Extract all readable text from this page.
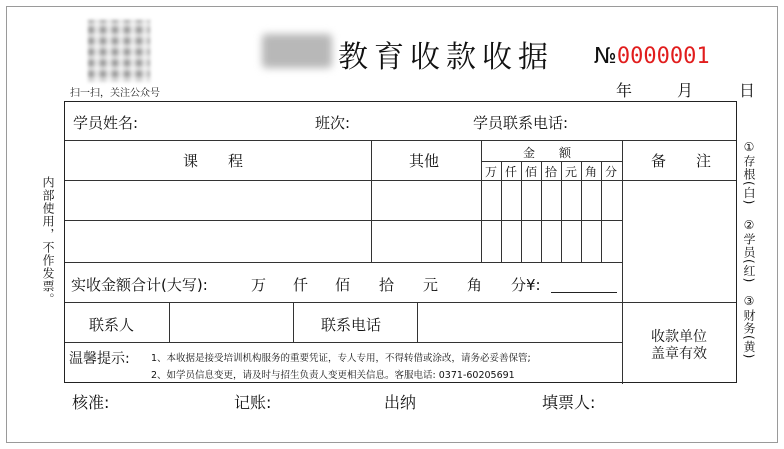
扫一扫，关注公众号
教育收款收据 №0000001
年	月	日
内部使用，不作发票。
①存根(白)
②学员(红)
③财务(黄)
学员姓名:	班次:	学员联系电话:
课　　程	其他	金　　额
万 仟 佰 拾 元 角 分
备　　注
实收金额合计(大写):	万 仟 佰 拾 元 角 分¥:
联系人	联系电话
收款单位
盖章有效
温馨提示: 1、本收据是接受培训机构服务的重要凭证，专人专用，不得转借或涂改，请务必妥善保管;
2、如学员信息变更，请及时与招生负责人变更相关信息。客服电话: 0371-60205691
核准:	记账:	出纳	填票人:
